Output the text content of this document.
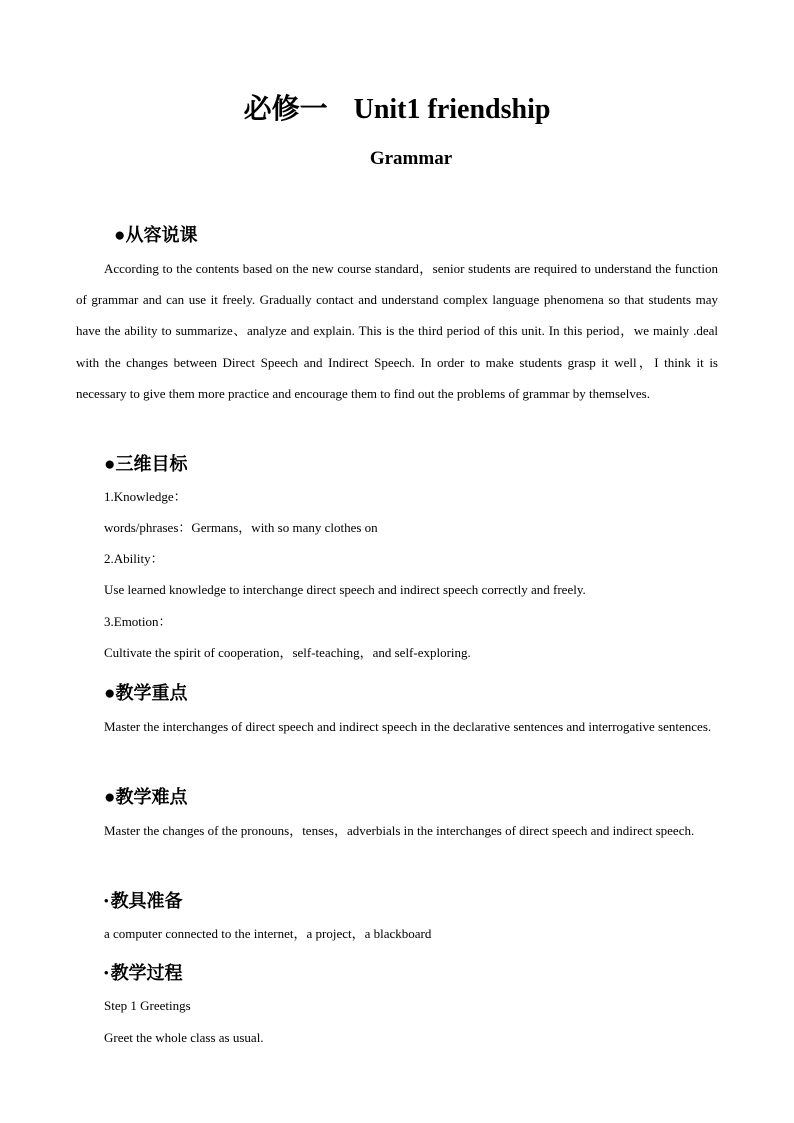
必修一 Unit1 friendship
Grammar
●从容说课
According to the contents based on the new course standard，senior students are required to understand the function of grammar and can use it freely. Gradually contact and understand complex language phenomena so that students may have the ability to summarize、analyze and explain. This is the third period of this unit. In this period，we mainly .deal with the changes between Direct Speech and Indirect Speech. In order to make students grasp it well，I think it is necessary to give them more practice and encourage them to find out the problems of grammar by themselves.
●三维目标
1.Knowledge：
words/phrases：Germans，with so many clothes on
2.Ability：
Use learned knowledge to interchange direct speech and indirect speech correctly and freely.
3.Emotion：
Cultivate the spirit of cooperation，self-teaching，and self-exploring.
●教学重点
Master the interchanges of direct speech and indirect speech in the declarative sentences and interrogative sentences.
●教学难点
Master the changes of the pronouns，tenses，adverbials in the interchanges of direct speech and indirect speech.
• 教具准备
a computer connected to the internet，a project，a blackboard
• 教学过程
Step 1 Greetings
Greet the whole class as usual.
